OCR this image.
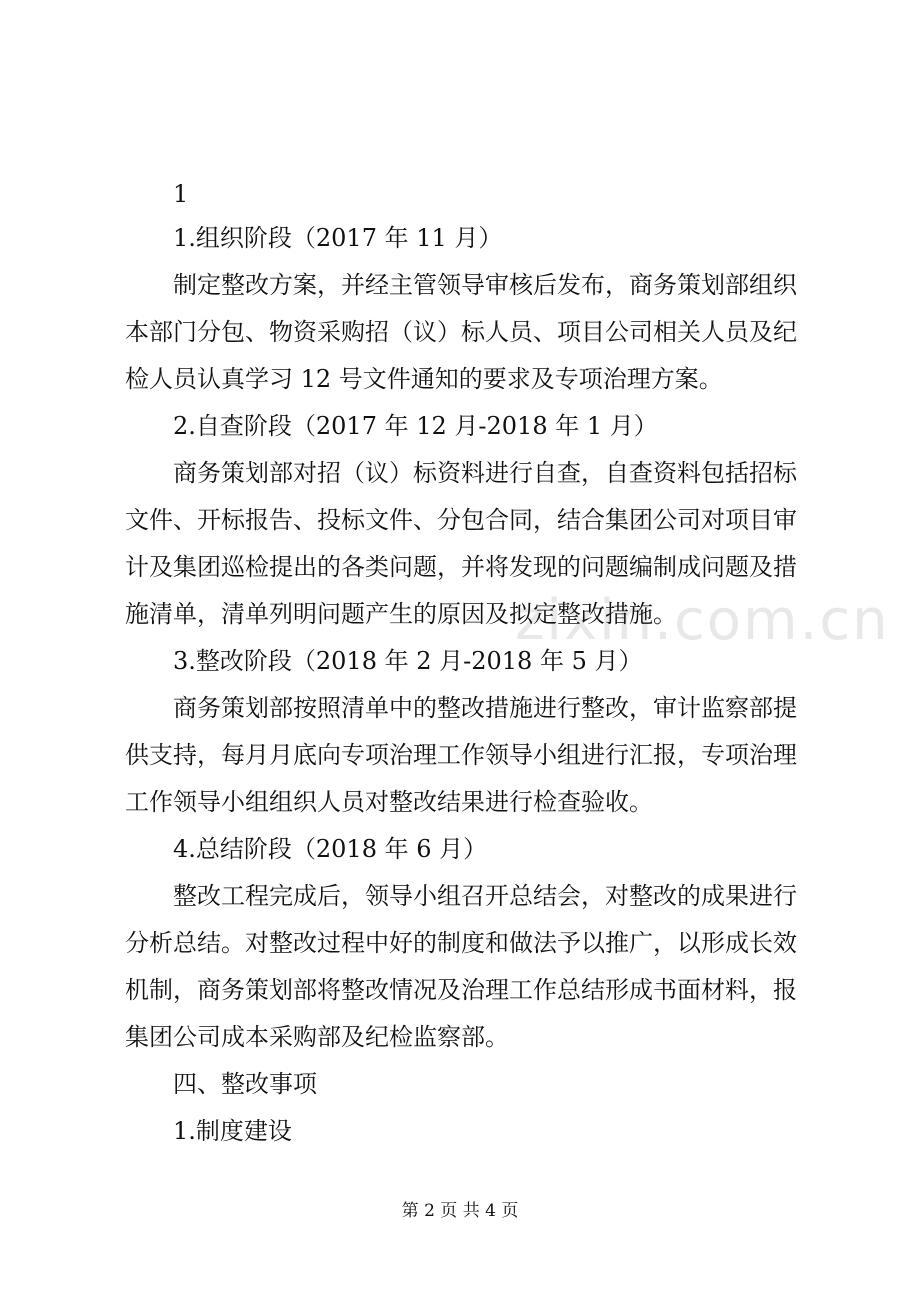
zixin.com.cn
1
1.组织阶段（2017 年 11 月）
制定整改方案，并经主管领导审核后发布，商务策划部组织
本部门分包、物资采购招（议）标人员、项目公司相关人员及纪
检人员认真学习 12 号文件通知的要求及专项治理方案。
2.自查阶段（2017 年 12 月-2018 年 1 月）
商务策划部对招（议）标资料进行自查，自查资料包括招标
文件、开标报告、投标文件、分包合同，结合集团公司对项目审
计及集团巡检提出的各类问题，并将发现的问题编制成问题及措
施清单，清单列明问题产生的原因及拟定整改措施。
3.整改阶段（2018 年 2 月-2018 年 5 月）
商务策划部按照清单中的整改措施进行整改，审计监察部提
供支持，每月月底向专项治理工作领导小组进行汇报，专项治理
工作领导小组组织人员对整改结果进行检查验收。
4.总结阶段（2018 年 6 月）
整改工程完成后，领导小组召开总结会，对整改的成果进行
分析总结。对整改过程中好的制度和做法予以推广，以形成长效
机制，商务策划部将整改情况及治理工作总结形成书面材料，报
集团公司成本采购部及纪检监察部。
四、整改事项
1.制度建设
第 2 页 共 4 页
